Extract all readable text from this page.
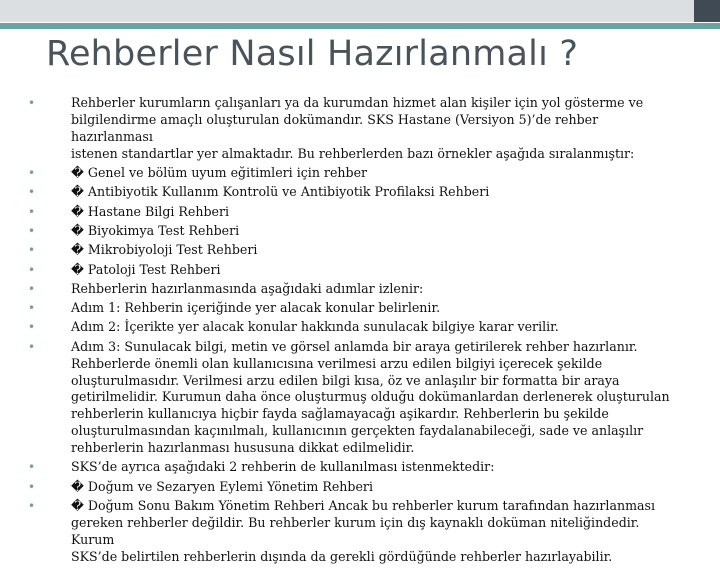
Rehberler Nasıl Hazırlanmalı ?
•	Rehberler kurumların çalışanları ya da kurumdan hizmet alan kişiler için yol gösterme ve
bilgilendirme amaçlı oluşturulan dokümandır. SKS Hastane (Versiyon 5)’de rehber hazırlanması
istenen standartlar yer almaktadır. Bu rehberlerden bazı örnekler aşağıda sıralanmıştır:
•	� Genel ve bölüm uyum eğitimleri için rehber
•	� Antibiyotik Kullanım Kontrolü ve Antibiyotik Profilaksi Rehberi
•	� Hastane Bilgi Rehberi
•	� Biyokimya Test Rehberi
•	� Mikrobiyoloji Test Rehberi
•	� Patoloji Test Rehberi
•	Rehberlerin hazırlanmasında aşağıdaki adımlar izlenir:
•	Adım 1: Rehberin içeriğinde yer alacak konular belirlenir.
•	Adım 2: İçerikte yer alacak konular hakkında sunulacak bilgiye karar verilir.
•	Adım 3: Sunulacak bilgi, metin ve görsel anlamda bir araya getirilerek rehber hazırlanır.
Rehberlerde önemli olan kullanıcısına verilmesi arzu edilen bilgiyi içerecek şekilde
oluşturulmasıdır. Verilmesi arzu edilen bilgi kısa, öz ve anlaşılır bir formatta bir araya
getirilmelidir. Kurumun daha önce oluşturmuş olduğu dokümanlardan derlenerek oluşturulan
rehberlerin kullanıcıya hiçbir fayda sağlamayacağı aşikardır. Rehberlerin bu şekilde
oluşturulmasından kaçınılmalı, kullanıcının gerçekten faydalanabileceği, sade ve anlaşılır
rehberlerin hazırlanması hususuna dikkat edilmelidir.
•	SKS’de ayrıca aşağıdaki 2 rehberin de kullanılması istenmektedir:
•	� Doğum ve Sezaryen Eylemi Yönetim Rehberi
•	� Doğum Sonu Bakım Yönetim Rehberi Ancak bu rehberler kurum tarafından hazırlanması
gereken rehberler değildir. Bu rehberler kurum için dış kaynaklı doküman niteliğindedir. Kurum
SKS’de belirtilen rehberlerin dışında da gerekli gördüğünde rehberler hazırlayabilir.
